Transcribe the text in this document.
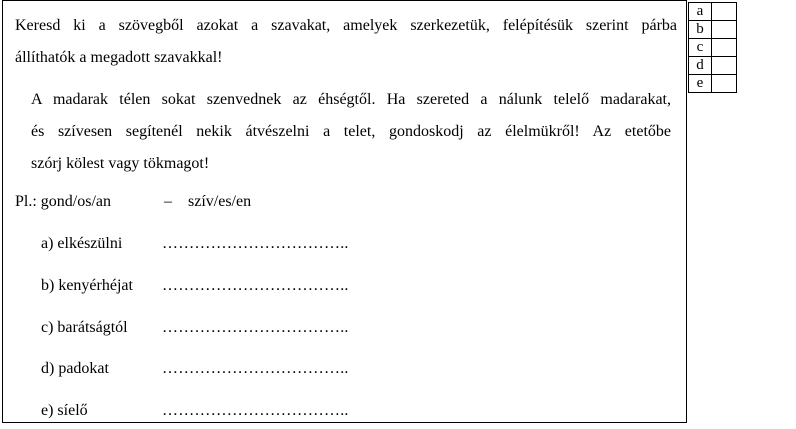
Keresd ki a szövegből azokat a szavakat, amelyek szerkezetük, felépítésük szerint párba
állíthatók a megadott szavakkal!
A madarak télen sokat szenvednek az éhségtől. Ha szereted a nálunk telelő madarakat,
és szívesen segítenél nekik átvészelni a telet, gondoskodj az élelmükről! Az etetőbe
szórj kölest vagy tökmagot!
Pl.: gond/os/an	– szív/es/en
a) elkészülni ……………………………..
b) kenyérhéjat ……………………………..
c) barátságtól ……………………………..
d) padokat	……………………………..
e) síelő	……………………………..
a	
b	
c	
d	
e	
